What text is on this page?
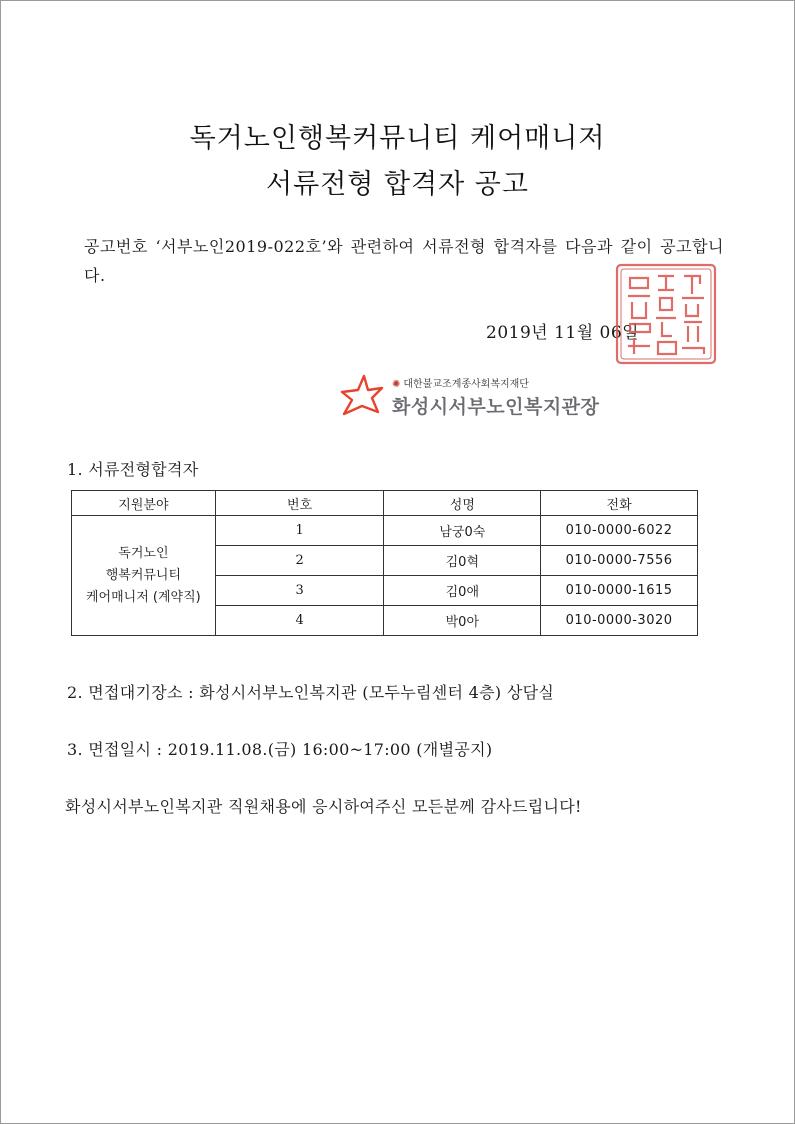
독거노인행복커뮤니티 케어매니저
서류전형 합격자 공고
공고번호 ‘서부노인2019-022호’와 관련하여 서류전형 합격자를 다음과 같이 공고합니다.
2019년 11월 06일
✺ 대한불교조계종사회복지재단
화성시서부노인복지관장
1. 서류전형합격자
지원분야	번호	성명	전화

독거노인
행복커뮤니티
케어매니저 (계약직)	1	남궁0숙	010-0000-6022
	2	김0혁	010-0000-7556
	3	김0애	010-0000-1615
	4	박0아	010-0000-3020
2. 면접대기장소 : 화성시서부노인복지관 (모두누림센터 4층) 상담실
3. 면접일시 : 2019.11.08.(금) 16:00~17:00 (개별공지)
화성시서부노인복지관 직원채용에 응시하여주신 모든분께 감사드립니다!
